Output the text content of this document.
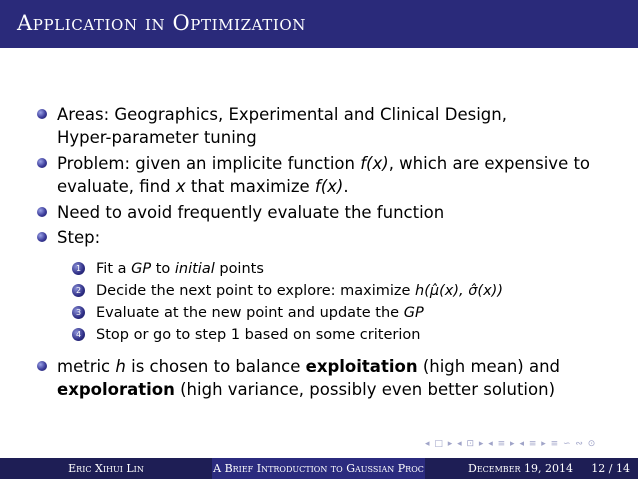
Application in Optimization
Areas: Geographics, Experimental and Clinical Design,
Hyper-parameter tuning
Problem: given an implicite function f(x), which are expensive to
evaluate, find x that maximize f(x).
Need to avoid frequently evaluate the function
Step:
1 Fit a GP to initial points
2 Decide the next point to explore: maximize h(μ̂(x), σ̂(x))
3 Evaluate at the new point and update the GP
4 Stop or go to step 1 based on some criterion
metric h is chosen to balance exploitation (high mean) and
expoloration (high variance, possibly even better solution)
◂ □ ▸ ◂ ⊡ ▸ ◂ ≡ ▸ ◂ ≡ ▸ ≡ ∽ ∾ ⊙
Eric Xihui Lin	A Brief Introduction to Gaussian Proc	December 19, 2014 12 / 14
